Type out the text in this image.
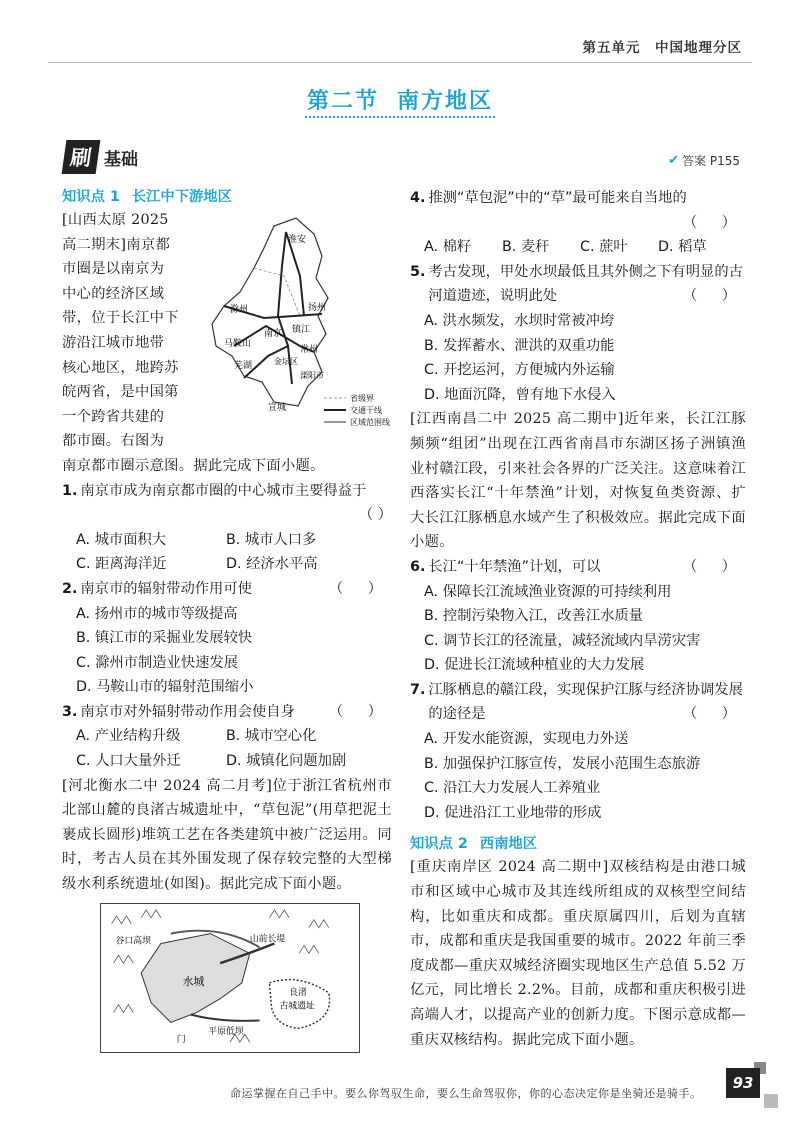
第五单元　中国地理分区
第二节 南方地区
刷 基础	✔ 答案 P155
知识点 1 长江中下游地区
[山西太原 2025
高二期末]南京都
市圈是以南京为
中心的经济区域
带，位于长江中下
游沿江城市地带
核心地区，地跨苏
皖两省，是中国第
一个跨省共建的
都市圈。右图为
淮安
滁州	扬州
马鞍山
南京 镇江
芜湖
常州
金坛区
溧阳市
宣城
省级界
交通干线
区域范围线
南京都市圈示意图。据此完成下面小题。
1. 南京市成为南京都市圈的中心城市主要得益于
（ ）
A. 城市面积大	B. 城市人口多
C. 距离海洋近	D. 经济水平高
2. 南京市的辐射带动作用可使	（ ）
A. 扬州市的城市等级提高
B. 镇江市的采掘业发展较快
C. 滁州市制造业快速发展
D. 马鞍山市的辐射范围缩小
3. 南京市对外辐射带动作用会使自身 （ ）
A. 产业结构升级	B. 城市空心化
C. 人口大量外迁	D. 城镇化问题加剧
[河北衡水二中 2024 高二月考]位于浙江省杭州市北部山麓的良渚古城遗址中，“草包泥”(用草把泥土裹成长圆形)堆筑工艺在各类建筑中被广泛运用。同时，考古人员在其外围发现了保存较完整的大型梯级水利系统遗址(如图)。据此完成下面小题。
谷口高坝	山前长堤
水城
良渚
古城遗址
平原低坝
门
4. 推测“草包泥”中的“草”最可能来自当地的
（ ）
A. 棉籽	B. 麦秆	C. 蔗叶	D. 稻草
5. 考古发现，甲处水坝最低且其外侧之下有明显的古河道遗迹，说明此处	（ ）
A. 洪水频发，水坝时常被冲垮
B. 发挥蓄水、泄洪的双重功能
C. 开挖运河，方便城内外运输
D. 地面沉降，曾有地下水侵入
[江西南昌二中 2025 高二期中]近年来，长江江豚频频“组团”出现在江西省南昌市东湖区扬子洲镇渔业村赣江段，引来社会各界的广泛关注。这意味着江西落实长江“十年禁渔”计划，对恢复鱼类资源、扩大长江江豚栖息水域产生了积极效应。据此完成下面小题。
6. 长江“十年禁渔”计划，可以	（ ）
A. 保障长江流域渔业资源的可持续利用
B. 控制污染物入江，改善江水质量
C. 调节长江的径流量，减轻流域内旱涝灾害
D. 促进长江流域种植业的大力发展
7. 江豚栖息的赣江段，实现保护江豚与经济协调发展的途径是	（ ）
A. 开发水能资源，实现电力外送
B. 加强保护江豚宣传，发展小范围生态旅游
C. 沿江大力发展人工养殖业
D. 促进沿江工业地带的形成
知识点 2 西南地区
[重庆南岸区 2024 高二期中]双核结构是由港口城市和区域中心城市及其连线所组成的双核型空间结构，比如重庆和成都。重庆原属四川，后划为直辖市，成都和重庆是我国重要的城市。2022 年前三季度成都—重庆双城经济圈实现地区生产总值 5.52 万亿元，同比增长 2.2%。目前，成都和重庆积极引进高端人才，以提高产业的创新力度。下图示意成都—重庆双核结构。据此完成下面小题。
命运掌握在自己手中。要么你驾驭生命，要么生命驾驭你，你的心态决定你是坐骑还是骑手。
93
